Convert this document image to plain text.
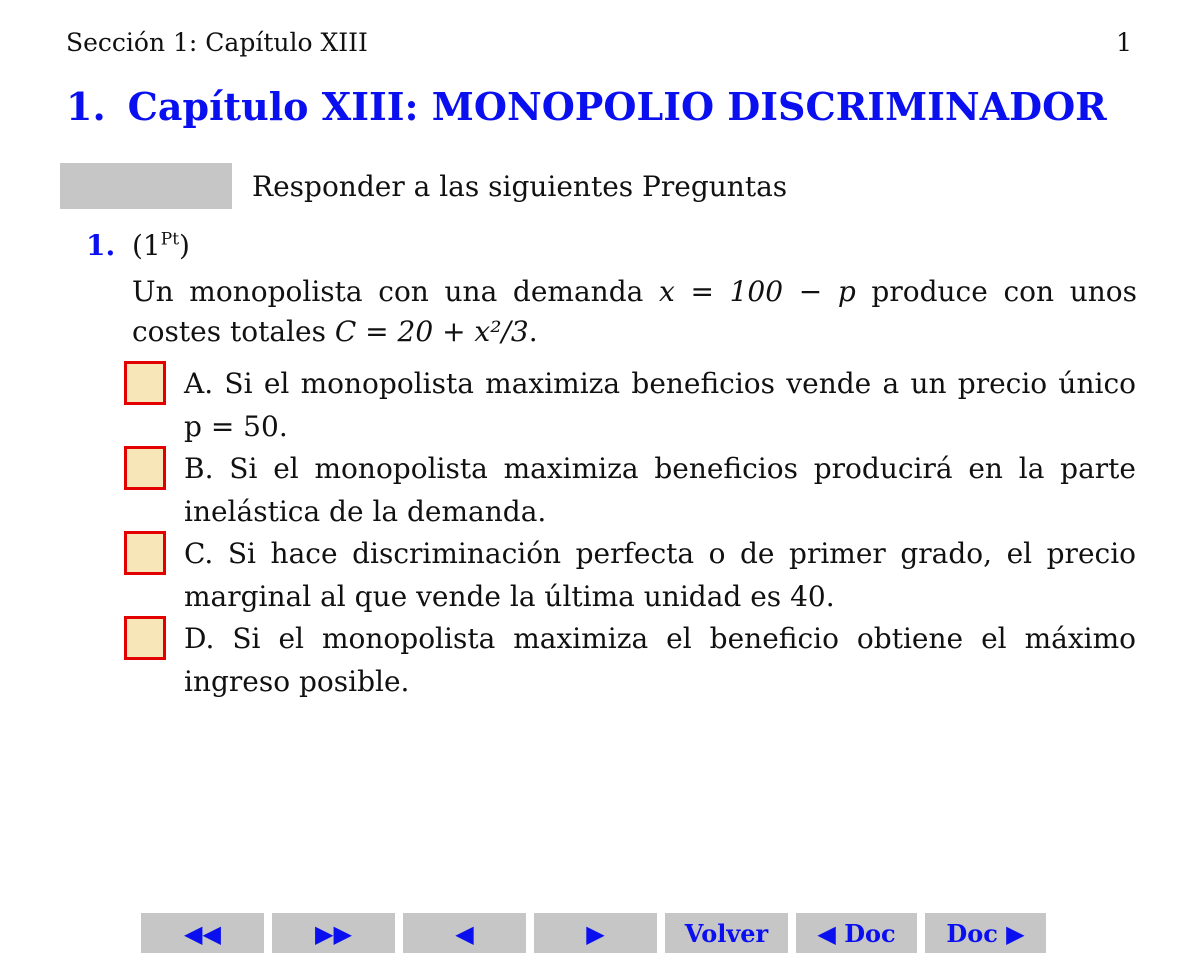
Sección 1: Capítulo XIII	1
1. Capítulo XIII: MONOPOLIO DISCRIMINADOR
Responder a las siguientes Preguntas
1. $(1^{Pt})$
Un monopolista con una demanda x = 100 − p produce con unos costes totales C = 20 + x²/3.
A. Si el monopolista maximiza beneficios vende a un precio único p = 50.
B. Si el monopolista maximiza beneficios producirá en la parte inelástica de la demanda.
C. Si hace discriminación perfecta o de primer grado, el precio marginal al que vende la última unidad es 40.
D. Si el monopolista maximiza el beneficio obtiene el máximo ingreso posible.
◀◀	▶▶	◀	▶	Volver	◀ Doc	Doc ▶
